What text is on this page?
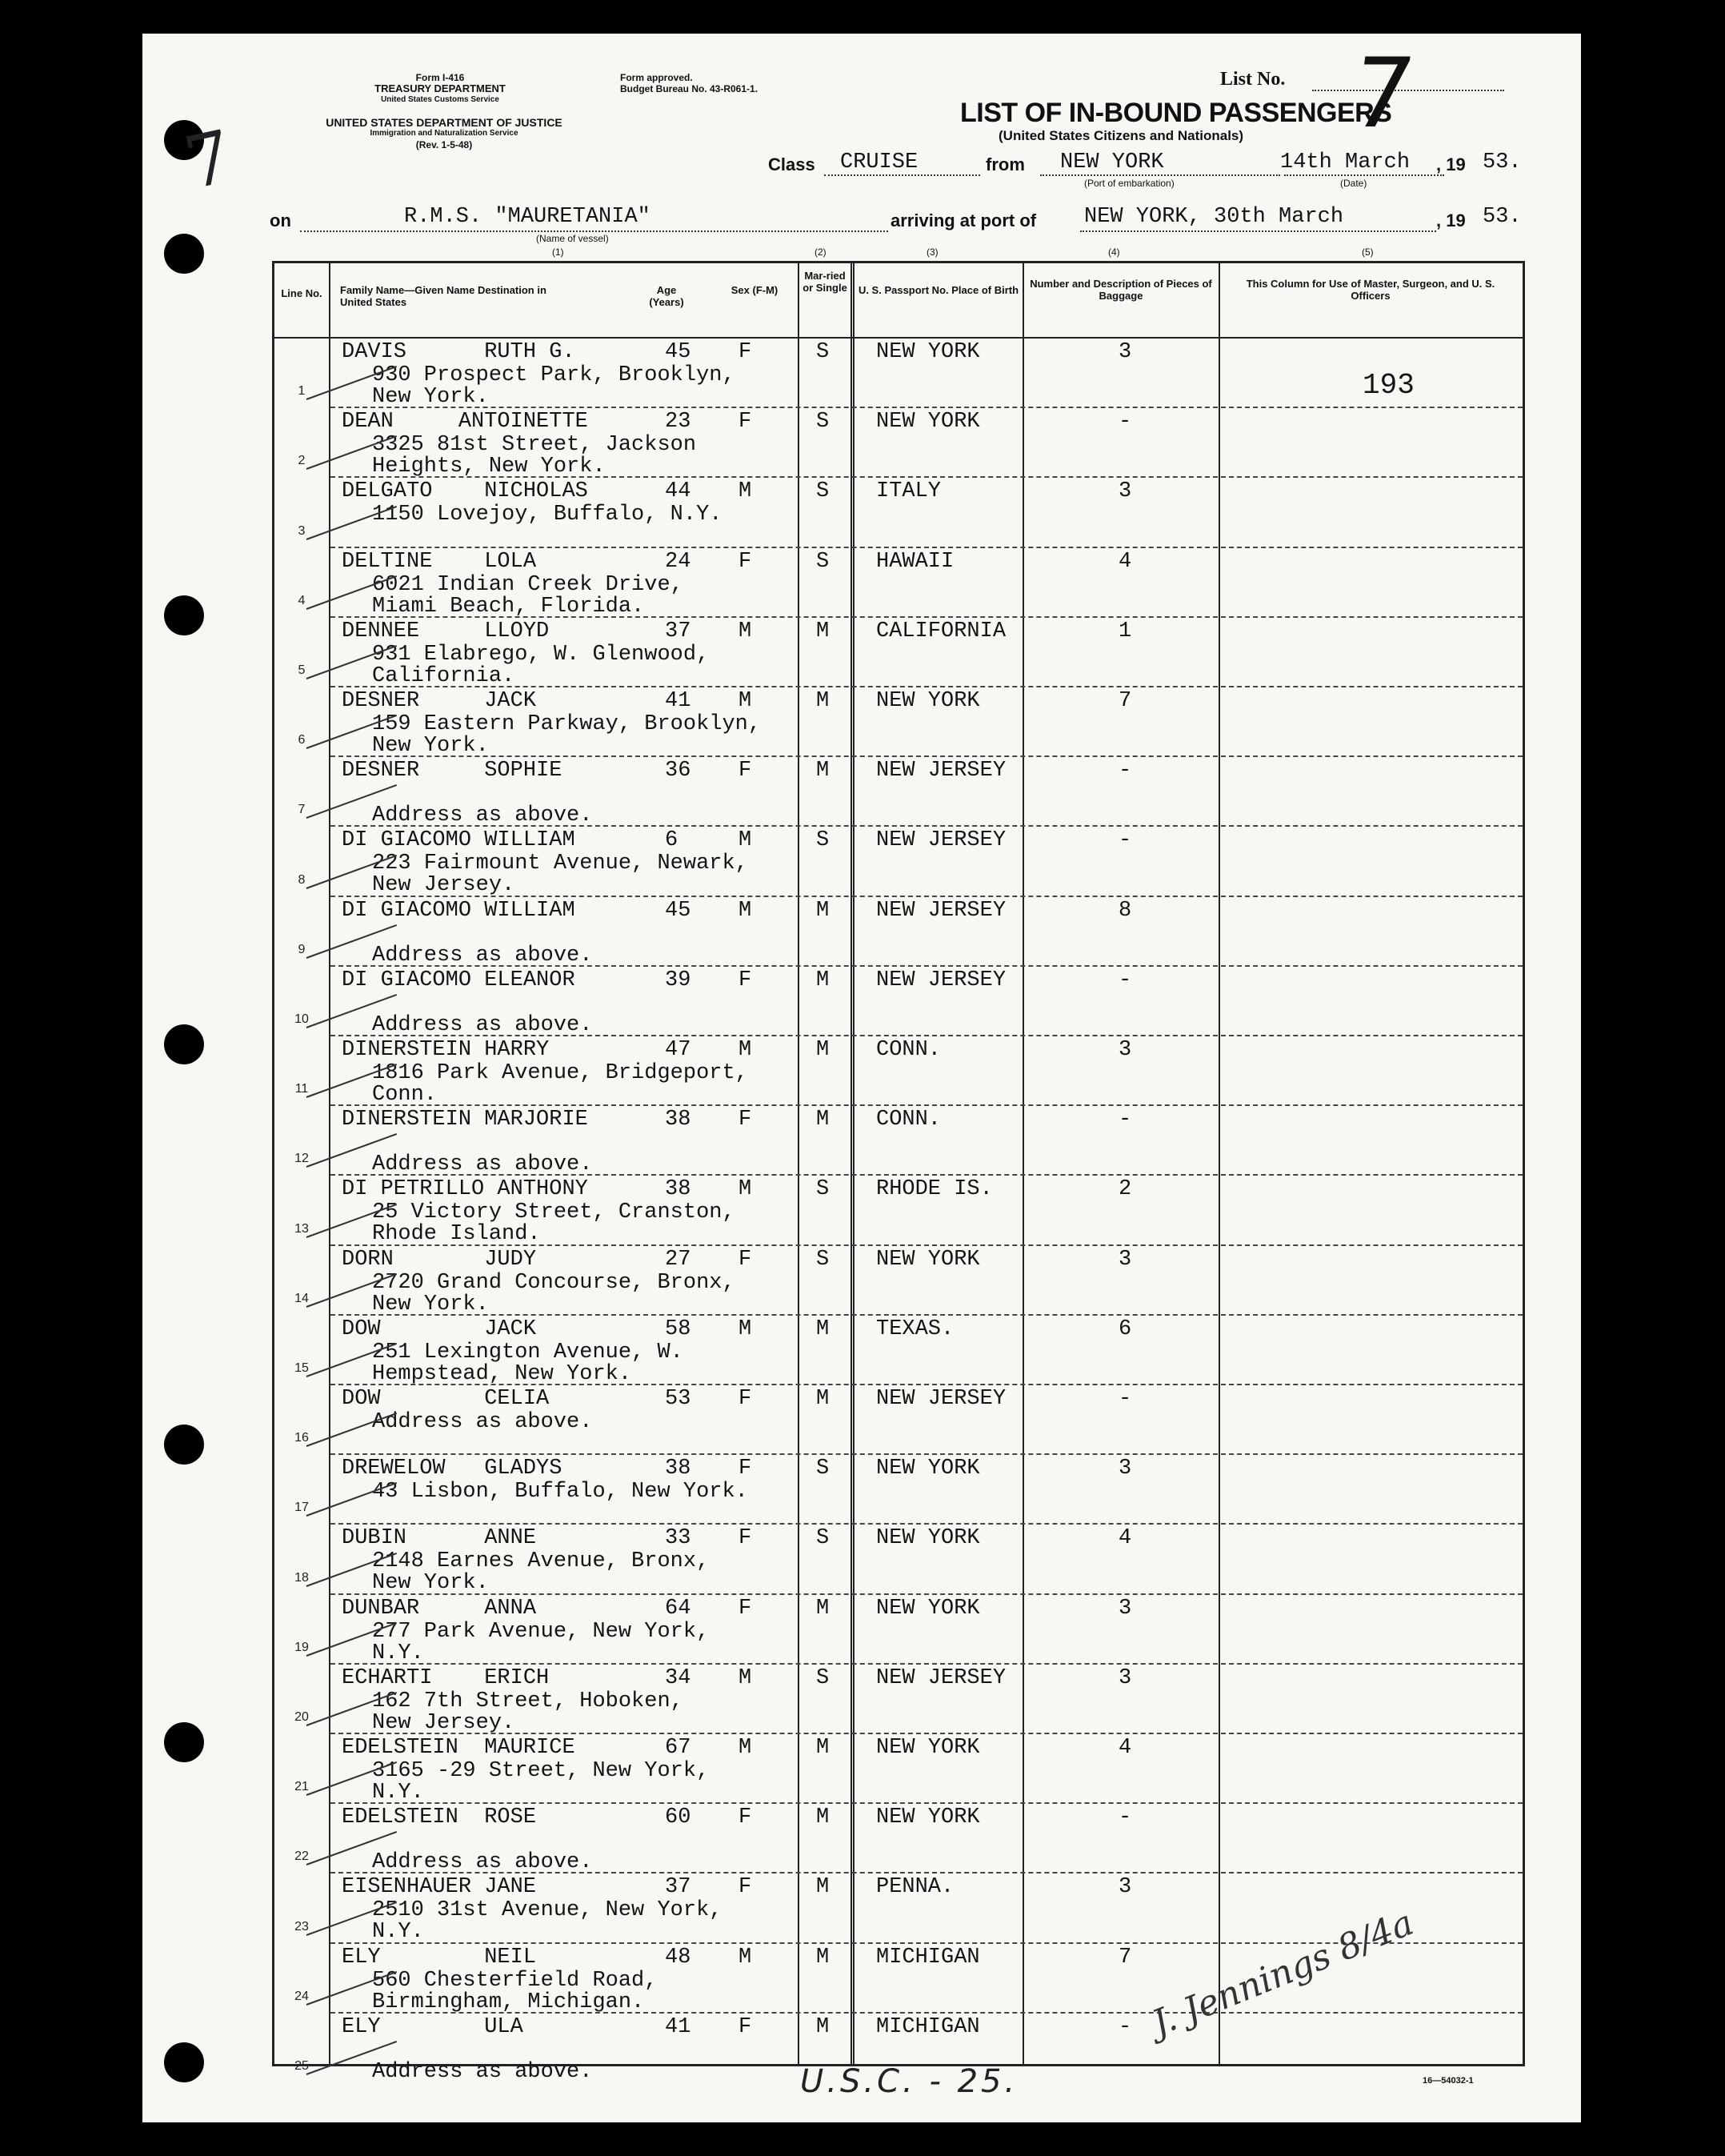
7
Form I-416
TREASURY DEPARTMENT
United States Customs Service
UNITED STATES DEPARTMENT OF JUSTICE
Immigration and Naturalization Service
(Rev. 1-5-48)
Form approved.
Budget Bureau No. 43-R061-1.	List No. 7
LIST OF IN-BOUND PASSENGERS
(United States Citizens and Nationals)
Class CRUISE	from NEW YORK
(Port of embarkation)
14th March
(Date)
, 19 53.
on	R.M.S. "MAURETANIA"
(Name of vessel)
arriving at port of NEW YORK, 30th March	, 19 53.
(1)	(2)	(3)	(4)	(5)
Line No.	Family Name—Given Name Destination in United States
Age (Years)
Sex (F-M)
Mar-ried or Single U. S. Passport No. Place of Birth
Number and Description of Pieces of Baggage
This Column for Use of Master, Surgeon, and U. S. Officers
193
1
DAVIS      RUTH G.	45 F	S NEW YORK	3
930 Prospect Park, Brooklyn,
New York.
2
DEAN     ANTOINETTE	23 F	S NEW YORK	-
3325 81st Street, Jackson
Heights, New York.
3
DELGATO    NICHOLAS	44 M	S ITALY	3
1150 Lovejoy, Buffalo, N.Y.
4
DELTINE    LOLA	24 F	S HAWAII	4
6021 Indian Creek Drive,
Miami Beach, Florida.
5
DENNEE     LLOYD	37 M	M CALIFORNIA	1
931 Elabrego, W. Glenwood,
California.
6
DESNER     JACK	41 M	M NEW YORK	7
159 Eastern Parkway, Brooklyn,
New York.
7
DESNER     SOPHIE	36 F	M NEW JERSEY	-
Address as above.
8
DI GIACOMO WILLIAM	6	M	S NEW JERSEY	-
223 Fairmount Avenue, Newark,
New Jersey.
9
DI GIACOMO WILLIAM	45 M	M NEW JERSEY	8
Address as above.
10
DI GIACOMO ELEANOR	39 F	M NEW JERSEY	-
Address as above.
11
DINERSTEIN HARRY	47 M	M CONN.	3
1816 Park Avenue, Bridgeport,
Conn.
12
DINERSTEIN MARJORIE	38 F	M CONN.	-
Address as above.
13
DI PETRILLO ANTHONY	38 M	S RHODE IS.	2
25 Victory Street, Cranston,
Rhode Island.
14
DORN       JUDY	27 F	S NEW YORK	3
2720 Grand Concourse, Bronx,
New York.
15
DOW        JACK	58 M	M TEXAS.	6
251 Lexington Avenue, W.
Hempstead, New York.
16
DOW        CELIA	53 F	M NEW JERSEY	-
Address as above.
17
DREWELOW   GLADYS	38 F	S NEW YORK	3
43 Lisbon, Buffalo, New York.
18
DUBIN      ANNE	33 F	S NEW YORK	4
2148 Earnes Avenue, Bronx,
New York.
19
DUNBAR     ANNA	64 F	M NEW YORK	3
277 Park Avenue, New York,
N.Y.
20
ECHARTI    ERICH	34 M	S NEW JERSEY	3
162 7th Street, Hoboken,
New Jersey.
21
EDELSTEIN  MAURICE	67 M	M NEW YORK	4
3165 -29 Street, New York,
N.Y.
22
EDELSTEIN  ROSE	60 F	M NEW YORK	-
Address as above.
23
EISENHAUER JANE	37 F	M PENNA.	3
2510 31st Avenue, New York,
N.Y.
24
ELY        NEIL	48 M	M MICHIGAN	7
560 Chesterfield Road,
Birmingham, Michigan.
25
ELY        ULA	41 F	M MICHIGAN	-
Address as above.	U.S.C. - 25.	16—54032-1
J. Jennings 8/4a
